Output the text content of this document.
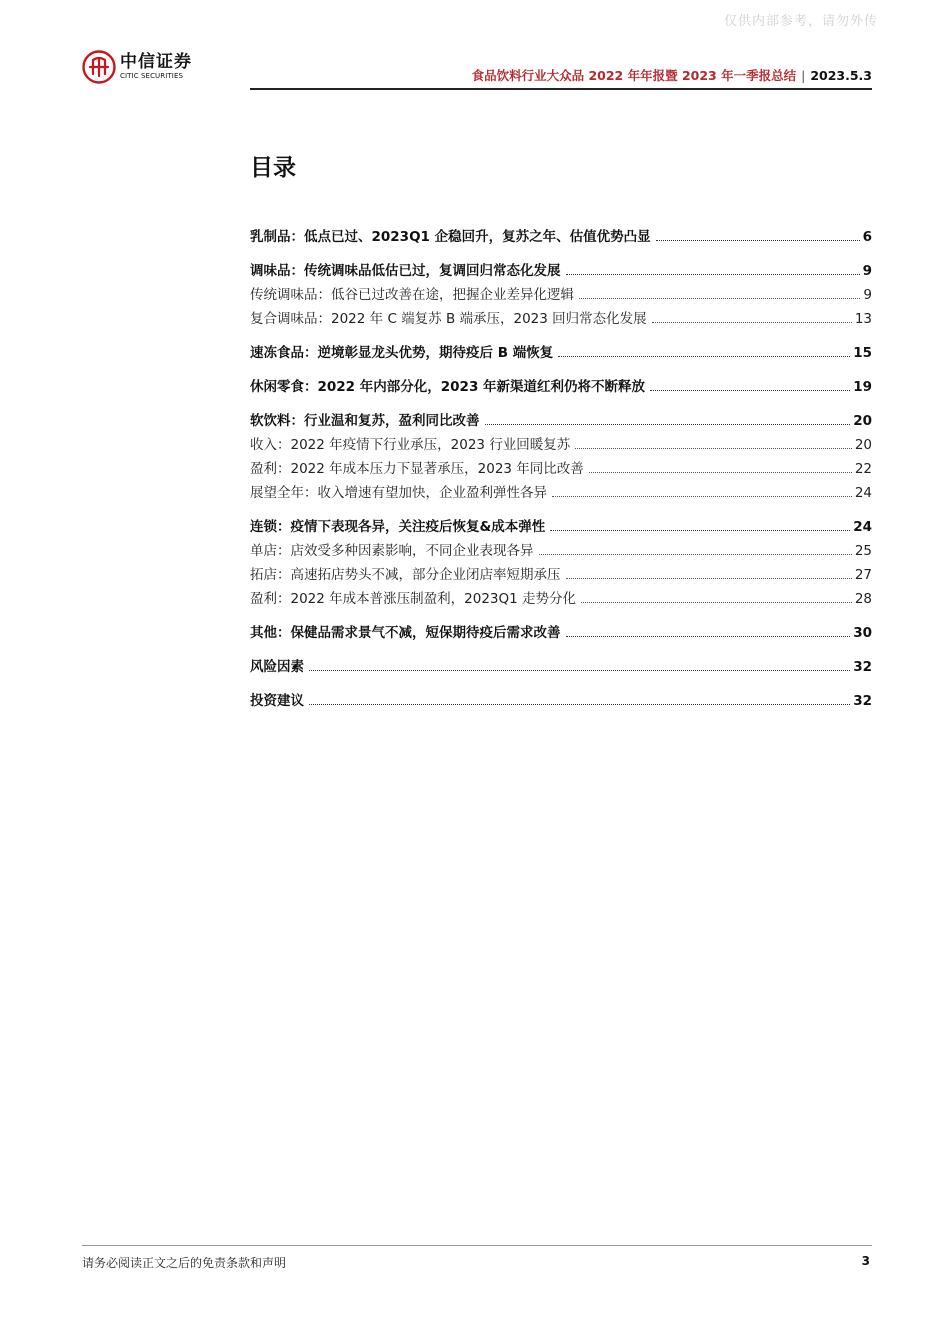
仅供内部参考，请勿外传
中信证券
CITIC SECURITIES	食品饮料行业大众品 2022 年年报暨 2023 年一季报总结 | 2023.5.3
目录
乳制品：低点已过、2023Q1 企稳回升，复苏之年、估值优势凸显	6
调味品：传统调味品低估已过，复调回归常态化发展	9
传统调味品：低谷已过改善在途，把握企业差异化逻辑	9
复合调味品：2022 年 C 端复苏 B 端承压，2023 回归常态化发展	13
速冻食品：逆境彰显龙头优势，期待疫后 B 端恢复	15
休闲零食：2022 年内部分化，2023 年新渠道红利仍将不断释放	19
软饮料：行业温和复苏，盈利同比改善	20
收入：2022 年疫情下行业承压，2023 行业回暖复苏	20
盈利：2022 年成本压力下显著承压，2023 年同比改善	22
展望全年：收入增速有望加快，企业盈利弹性各异	24
连锁：疫情下表现各异，关注疫后恢复&成本弹性	24
单店：店效受多种因素影响，不同企业表现各异	25
拓店：高速拓店势头不减，部分企业闭店率短期承压	27
盈利：2022 年成本普涨压制盈利，2023Q1 走势分化	28
其他：保健品需求景气不减，短保期待疫后需求改善	30
风险因素	32
投资建议	32
请务必阅读正文之后的免责条款和声明	3
